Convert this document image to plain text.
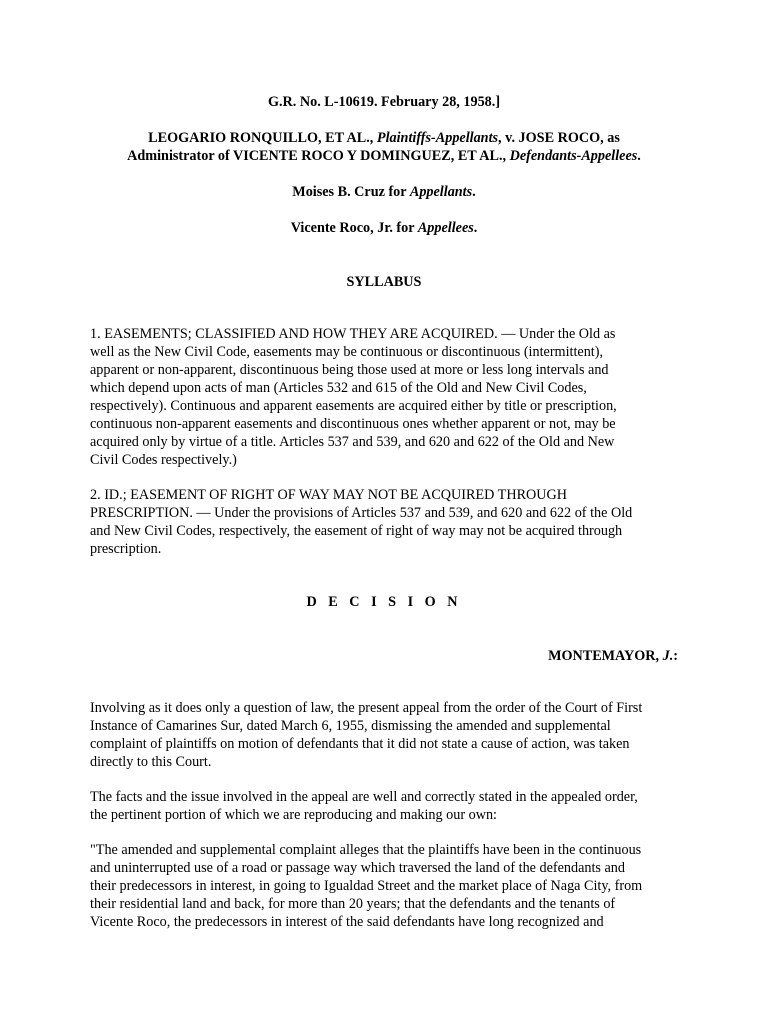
G.R. No. L-10619. February 28, 1958.]
LEOGARIO RONQUILLO, ET AL., Plaintiffs-Appellants, v. JOSE ROCO, as
Administrator of VICENTE ROCO Y DOMINGUEZ, ET AL., Defendants-Appellees.
Moises B. Cruz for Appellants.
Vicente Roco, Jr. for Appellees.
SYLLABUS
1. EASEMENTS; CLASSIFIED AND HOW THEY ARE ACQUIRED. — Under the Old as
well as the New Civil Code, easements may be continuous or discontinuous (intermittent),
apparent or non-apparent, discontinuous being those used at more or less long intervals and
which depend upon acts of man (Articles 532 and 615 of the Old and New Civil Codes,
respectively). Continuous and apparent easements are acquired either by title or prescription,
continuous non-apparent easements and discontinuous ones whether apparent or not, may be
acquired only by virtue of a title. Articles 537 and 539, and 620 and 622 of the Old and New
Civil Codes respectively.)
2. ID.; EASEMENT OF RIGHT OF WAY MAY NOT BE ACQUIRED THROUGH
PRESCRIPTION. — Under the provisions of Articles 537 and 539, and 620 and 622 of the Old
and New Civil Codes, respectively, the easement of right of way may not be acquired through
prescription.
D E C I S I O N
MONTEMAYOR, J.:
Involving as it does only a question of law, the present appeal from the order of the Court of First
Instance of Camarines Sur, dated March 6, 1955, dismissing the amended and supplemental
complaint of plaintiffs on motion of defendants that it did not state a cause of action, was taken
directly to this Court.
The facts and the issue involved in the appeal are well and correctly stated in the appealed order,
the pertinent portion of which we are reproducing and making our own:
"The amended and supplemental complaint alleges that the plaintiffs have been in the continuous
and uninterrupted use of a road or passage way which traversed the land of the defendants and
their predecessors in interest, in going to Igualdad Street and the market place of Naga City, from
their residential land and back, for more than 20 years; that the defendants and the tenants of
Vicente Roco, the predecessors in interest of the said defendants have long recognized and
